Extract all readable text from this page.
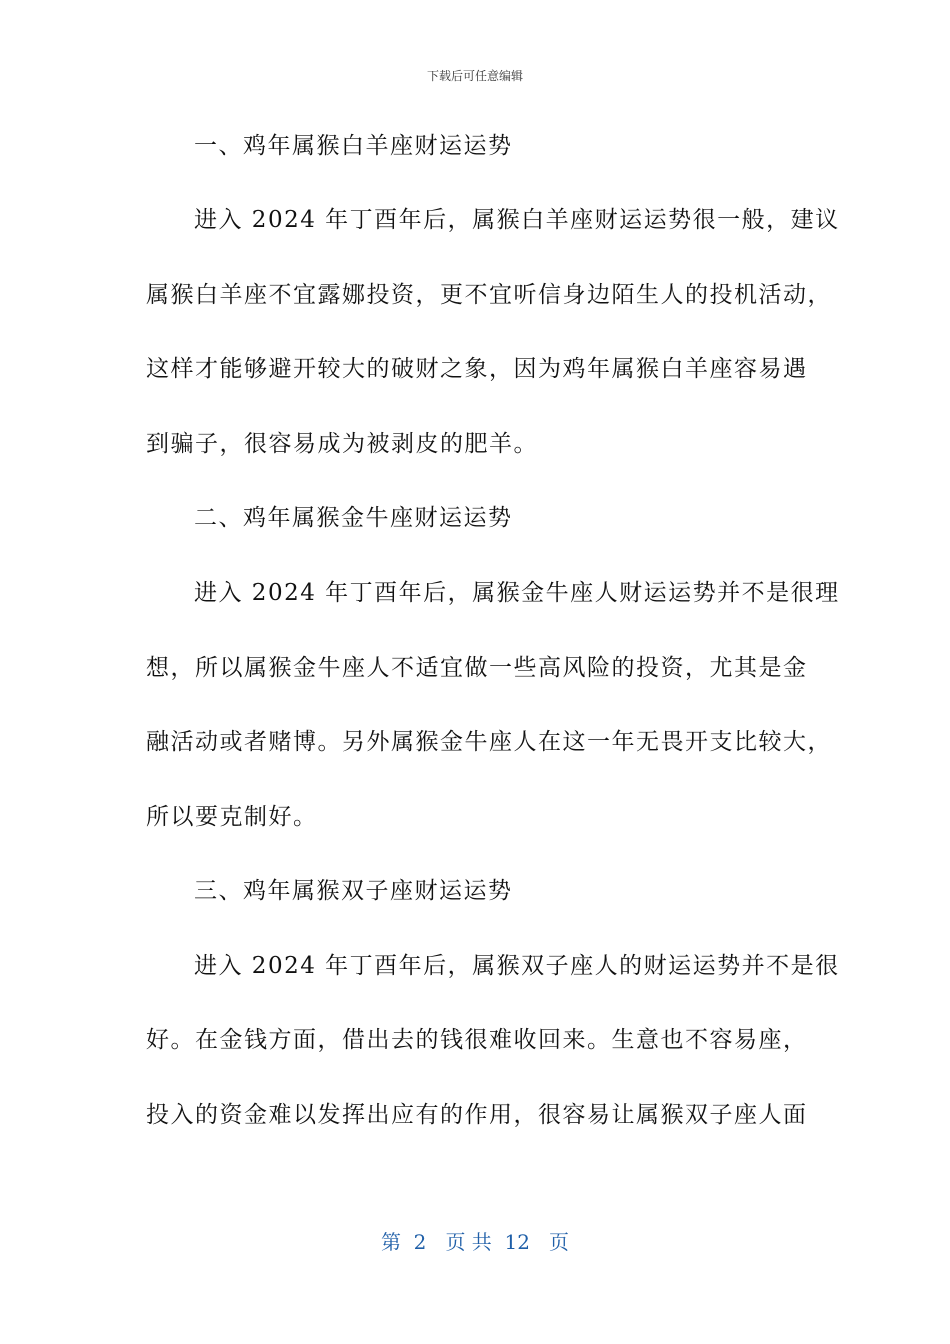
下载后可任意编辑
一、鸡年属猴白羊座财运运势
进入 2024 年丁酉年后，属猴白羊座财运运势很一般，建议
属猴白羊座不宜露娜投资，更不宜听信身边陌生人的投机活动，
这样才能够避开较大的破财之象，因为鸡年属猴白羊座容易遇
到骗子，很容易成为被剥皮的肥羊。
二、鸡年属猴金牛座财运运势
进入 2024 年丁酉年后，属猴金牛座人财运运势并不是很理
想，所以属猴金牛座人不适宜做一些高风险的投资，尤其是金
融活动或者赌博。另外属猴金牛座人在这一年无畏开支比较大，
所以要克制好。
三、鸡年属猴双子座财运运势
进入 2024 年丁酉年后，属猴双子座人的财运运势并不是很
好。在金钱方面，借出去的钱很难收回来。生意也不容易座，
投入的资金难以发挥出应有的作用，很容易让属猴双子座人面
第  2   页 共  12   页
